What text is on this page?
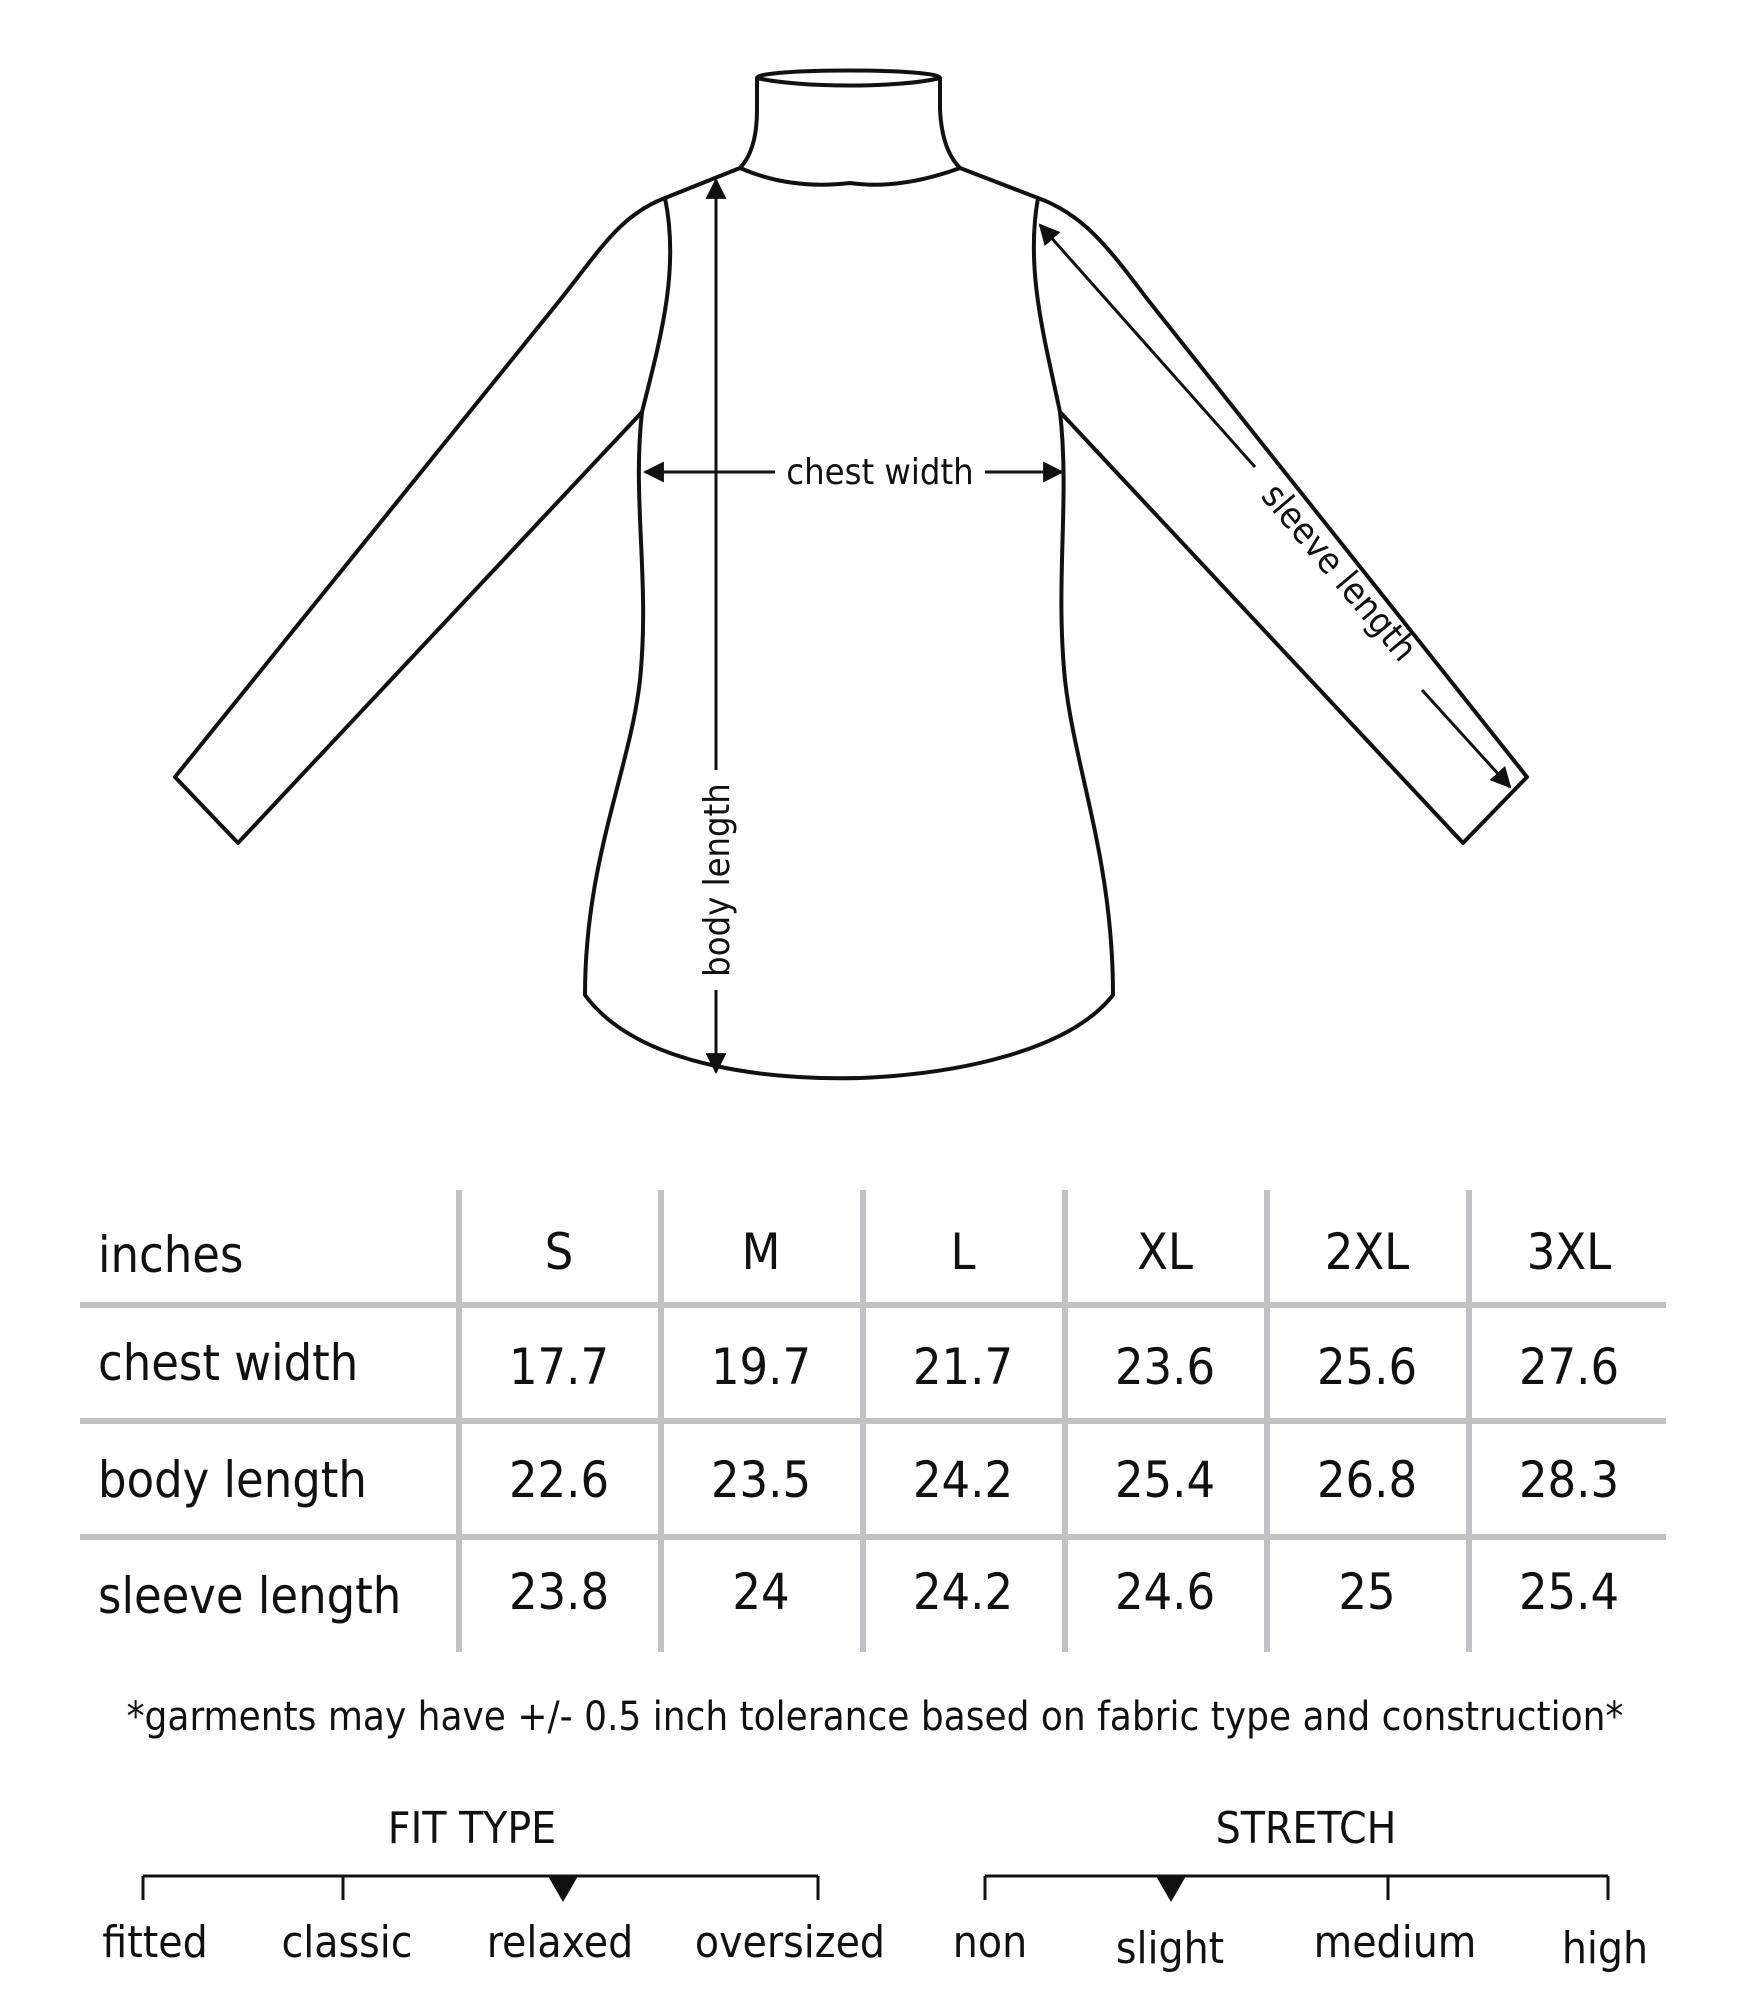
chest width
body length
sleeve length
inches	S	M	L	XL	2XL	3XL
chest width	17.7	19.7	21.7	23.6	25.6	27.6
body length	22.6	23.5	24.2	25.4	26.8	28.3
sleeve length	23.8	24	24.2	24.6	25	25.4
*garments may have +/- 0.5 inch tolerance based on fabric type and construction*
FIT TYPE
fitted	classic relaxed oversized
STRETCH
non	slight	medium	high
